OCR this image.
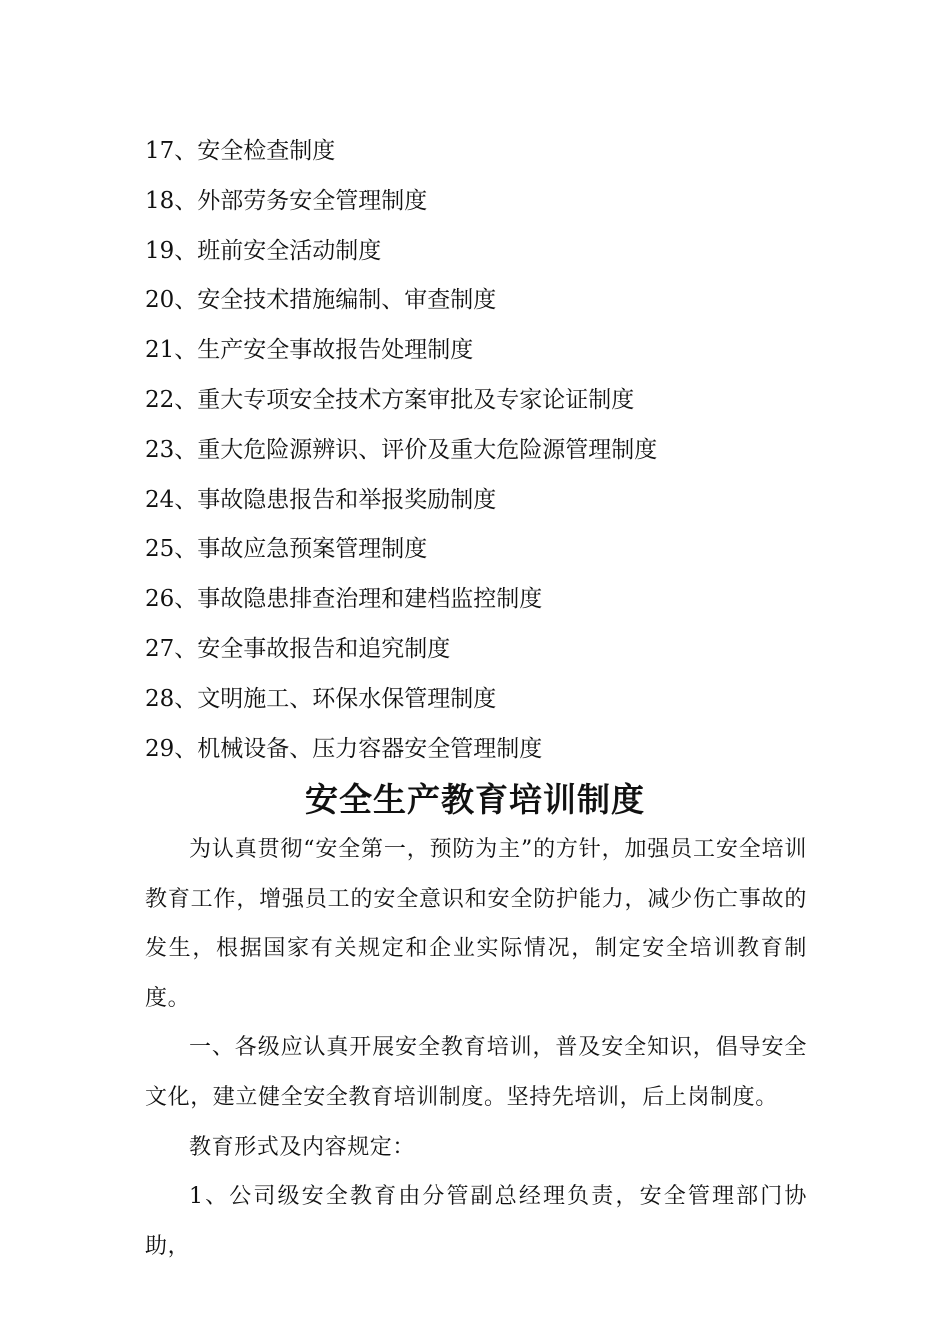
17、安全检查制度
18、外部劳务安全管理制度
19、班前安全活动制度
20、安全技术措施编制、审查制度
21、生产安全事故报告处理制度
22、重大专项安全技术方案审批及专家论证制度
23、重大危险源辨识、评价及重大危险源管理制度
24、事故隐患报告和举报奖励制度
25、事故应急预案管理制度
26、事故隐患排查治理和建档监控制度
27、安全事故报告和追究制度
28、文明施工、环保水保管理制度
29、机械设备、压力容器安全管理制度
安全生产教育培训制度

为认真贯彻“安全第一，预防为主”的方针，加强员工安全培训教育工作，增强员工的安全意识和安全防护能力，减少伤亡事故的发生，根据国家有关规定和企业实际情况，制定安全培训教育制度。

一、各级应认真开展安全教育培训，普及安全知识，倡导安全文化，建立健全安全教育培训制度。坚持先培训，后上岗制度。

教育形式及内容规定：

1、公司级安全教育由分管副总经理负责，安全管理部门协助，
